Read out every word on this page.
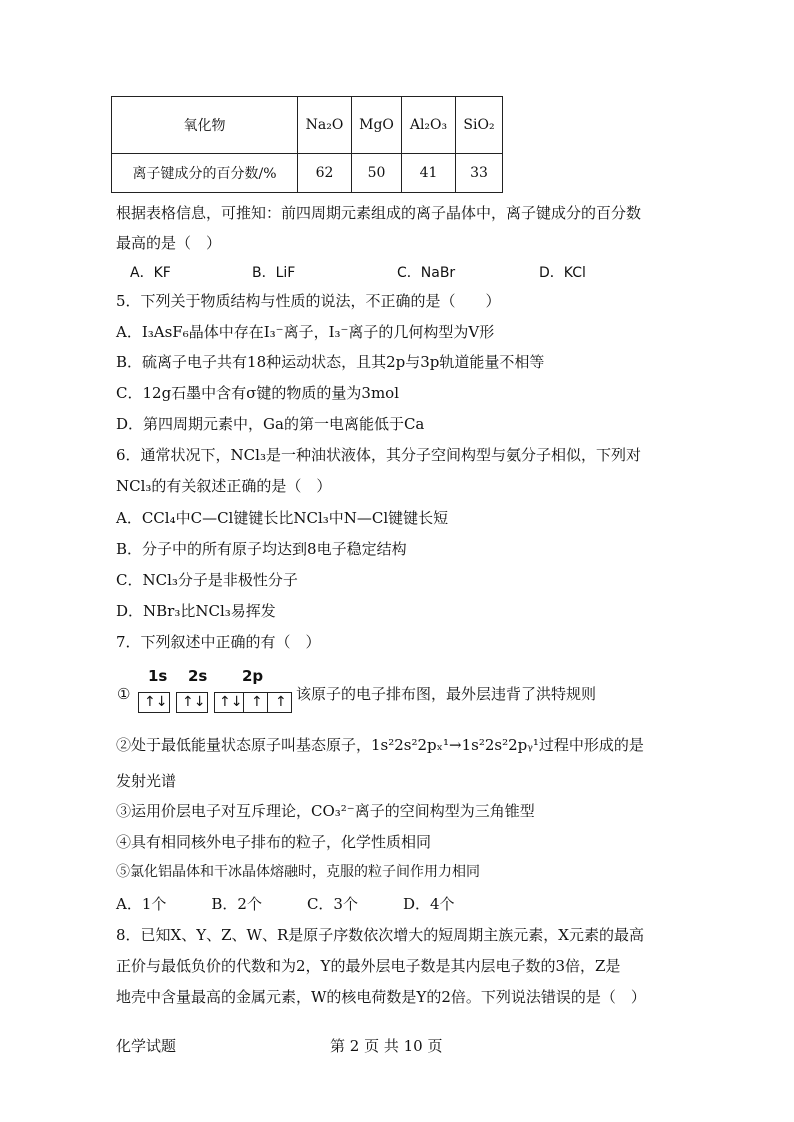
氧化物	Na₂O	MgO	Al₂O₃	SiO₂
离子键成分的百分数/%	62	50	41	33
根据表格信息，可推知：前四周期元素组成的离子晶体中，离子键成分的百分数
最高的是（　）
A．KF	B．LiF	C．NaBr	D．KCl
5．下列关于物质结构与性质的说法，不正确的是（　　）
A．I₃AsF₆晶体中存在I₃⁻离子，I₃⁻离子的几何构型为V形
B．硫离子电子共有18种运动状态，且其2p与3p轨道能量不相等
C．12g石墨中含有σ键的物质的量为3mol
D．第四周期元素中，Ga的第一电离能低于Ca
6．通常状况下，NCl₃是一种油状液体，其分子空间构型与氨分子相似，下列对
NCl₃的有关叙述正确的是（　）
A．CCl₄中C—Cl键键长比NCl₃中N—Cl键键长短
B．分子中的所有原子均达到8电子稳定结构
C．NCl₃分子是非极性分子
D．NBr₃比NCl₃易挥发
7．下列叙述中正确的有（　）
①
1s 2s 2p
↑↓ ↑↓ ↑↓ ↑ ↑ 该原子的电子排布图，最外层违背了洪特规则
②处于最低能量状态原子叫基态原子，1s²2s²2pₓ¹→1s²2s²2pᵧ¹过程中形成的是
发射光谱
③运用价层电子对互斥理论，CO₃²⁻离子的空间构型为三角锥型
④具有相同核外电子排布的粒子，化学性质相同
⑤氯化铝晶体和干冰晶体熔融时，克服的粒子间作用力相同
A．1个　　　B．2个　　　C．3个　　　D．4个
8．已知X、Y、Z、W、R是原子序数依次增大的短周期主族元素，X元素的最高
正价与最低负价的代数和为2，Y的最外层电子数是其内层电子数的3倍，Z是
地壳中含量最高的金属元素，W的核电荷数是Y的2倍。下列说法错误的是（　）
化学试题	第 2 页 共 10 页
